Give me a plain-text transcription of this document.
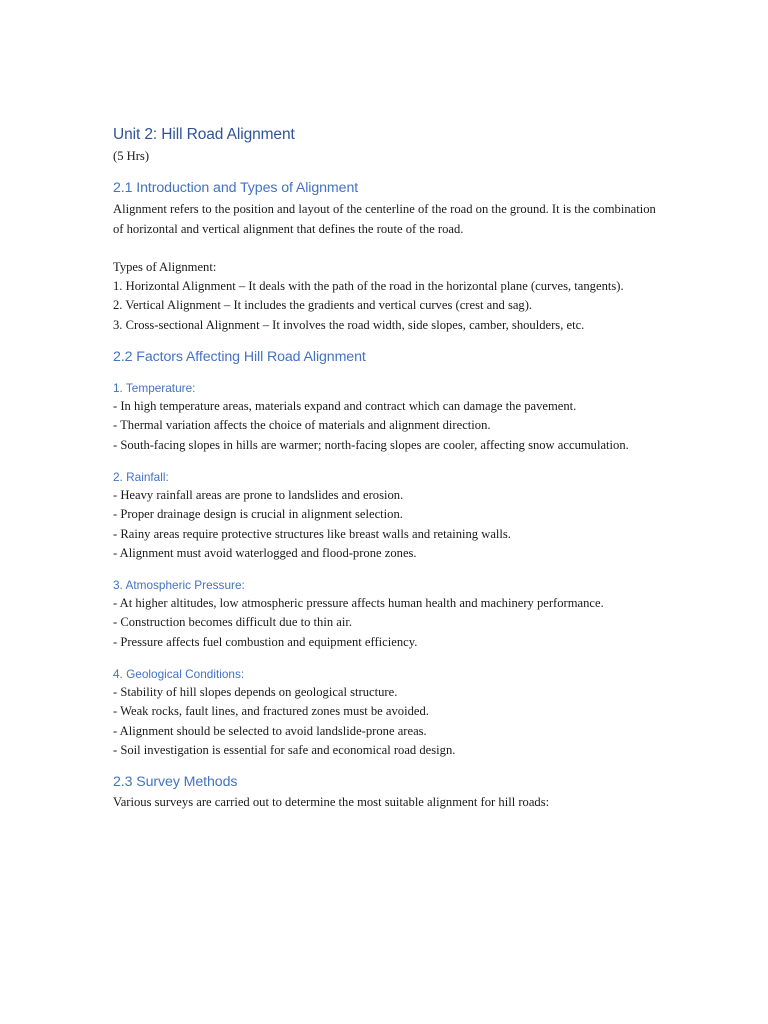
Unit 2: Hill Road Alignment
(5 Hrs)
2.1 Introduction and Types of Alignment
Alignment refers to the position and layout of the centerline of the road on the ground. It is the combination of horizontal and vertical alignment that defines the route of the road.
Types of Alignment:
1. Horizontal Alignment – It deals with the path of the road in the horizontal plane (curves, tangents).
2. Vertical Alignment – It includes the gradients and vertical curves (crest and sag).
3. Cross-sectional Alignment – It involves the road width, side slopes, camber, shoulders, etc.
2.2 Factors Affecting Hill Road Alignment
1. Temperature:
- In high temperature areas, materials expand and contract which can damage the pavement.
- Thermal variation affects the choice of materials and alignment direction.
- South-facing slopes in hills are warmer; north-facing slopes are cooler, affecting snow accumulation.
2. Rainfall:
- Heavy rainfall areas are prone to landslides and erosion.
- Proper drainage design is crucial in alignment selection.
- Rainy areas require protective structures like breast walls and retaining walls.
- Alignment must avoid waterlogged and flood-prone zones.
3. Atmospheric Pressure:
- At higher altitudes, low atmospheric pressure affects human health and machinery performance.
- Construction becomes difficult due to thin air.
- Pressure affects fuel combustion and equipment efficiency.
4. Geological Conditions:
- Stability of hill slopes depends on geological structure.
- Weak rocks, fault lines, and fractured zones must be avoided.
- Alignment should be selected to avoid landslide-prone areas.
- Soil investigation is essential for safe and economical road design.
2.3 Survey Methods
Various surveys are carried out to determine the most suitable alignment for hill roads:
